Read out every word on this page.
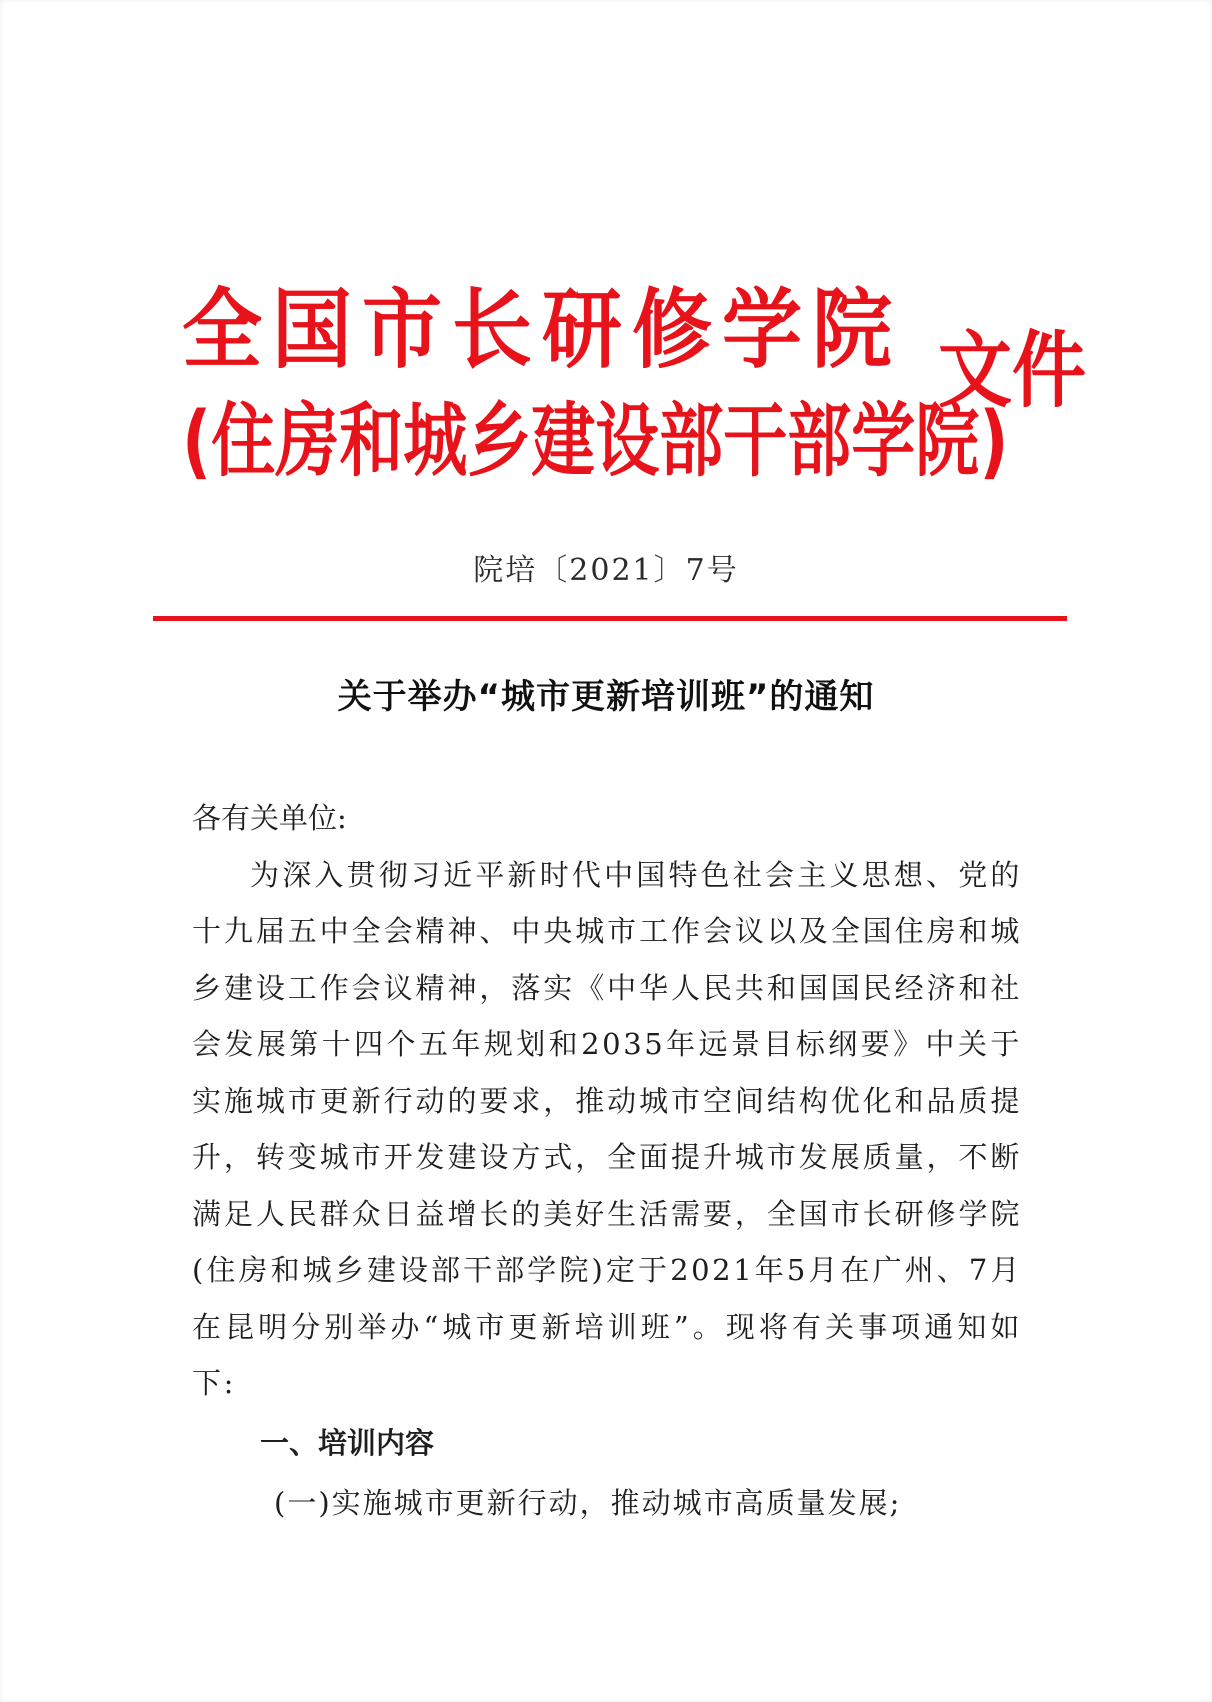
全国市长研修学院
(住房和城乡建设部干部学院)
文件
院培〔2021〕7号
关于举办“城市更新培训班”的通知

各有关单位:

为深入贯彻习近平新时代中国特色社会主义思想、党的十九届五中全会精神、中央城市工作会议以及全国住房和城乡建设工作会议精神，落实《中华人民共和国国民经济和社会发展第十四个五年规划和2035年远景目标纲要》中关于实施城市更新行动的要求，推动城市空间结构优化和品质提升，转变城市开发建设方式，全面提升城市发展质量，不断满足人民群众日益增长的美好生活需要，全国市长研修学院(住房和城乡建设部干部学院)定于2021年5月在广州、7月在昆明分别举办“城市更新培训班”。现将有关事项通知如下:

一、培训内容

(一)实施城市更新行动，推动城市高质量发展;
